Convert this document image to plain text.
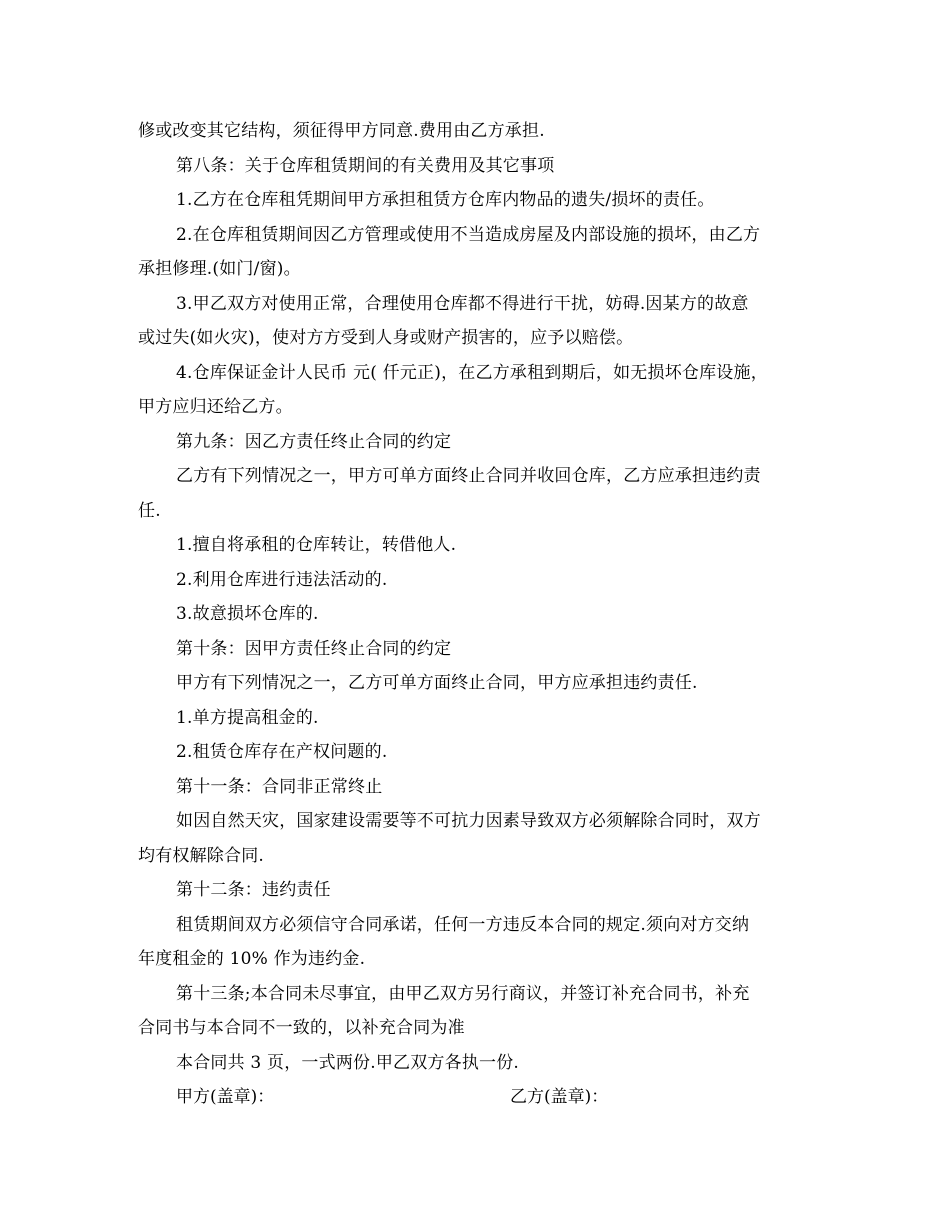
修或改变其它结构，须征得甲方同意.费用由乙方承担.
第八条：关于仓库租赁期间的有关费用及其它事项
1.乙方在仓库租凭期间甲方承担租赁方仓库内物品的遗失/损坏的责任。
2.在仓库租赁期间因乙方管理或使用不当造成房屋及内部设施的损坏，由乙方
承担修理.(如门/窗)。
3.甲乙双方对使用正常，合理使用仓库都不得进行干扰，妨碍.因某方的故意
或过失(如火灾)，使对方方受到人身或财产损害的，应予以赔偿。
4.仓库保证金计人民币 元( 仟元正)，在乙方承租到期后，如无损坏仓库设施，
甲方应归还给乙方。
第九条：因乙方责任终止合同的约定
乙方有下列情况之一，甲方可单方面终止合同并收回仓库，乙方应承担违约责
任.
1.擅自将承租的仓库转让，转借他人.
2.利用仓库进行违法活动的.
3.故意损坏仓库的.
第十条：因甲方责任终止合同的约定
甲方有下列情况之一，乙方可单方面终止合同，甲方应承担违约责任.
1.单方提高租金的.
2.租赁仓库存在产权问题的.
第十一条：合同非正常终止
如因自然天灾，国家建设需要等不可抗力因素导致双方必须解除合同时，双方
均有权解除合同.
第十二条：违约责任
租赁期间双方必须信守合同承诺，任何一方违反本合同的规定.须向对方交纳
年度租金的 10% 作为违约金.
第十三条;本合同未尽事宜，由甲乙双方另行商议，并签订补充合同书，补充
合同书与本合同不一致的，以补充合同为准
本合同共 3 页，一式两份.甲乙双方各执一份.
甲方(盖章)：	乙方(盖章)：
